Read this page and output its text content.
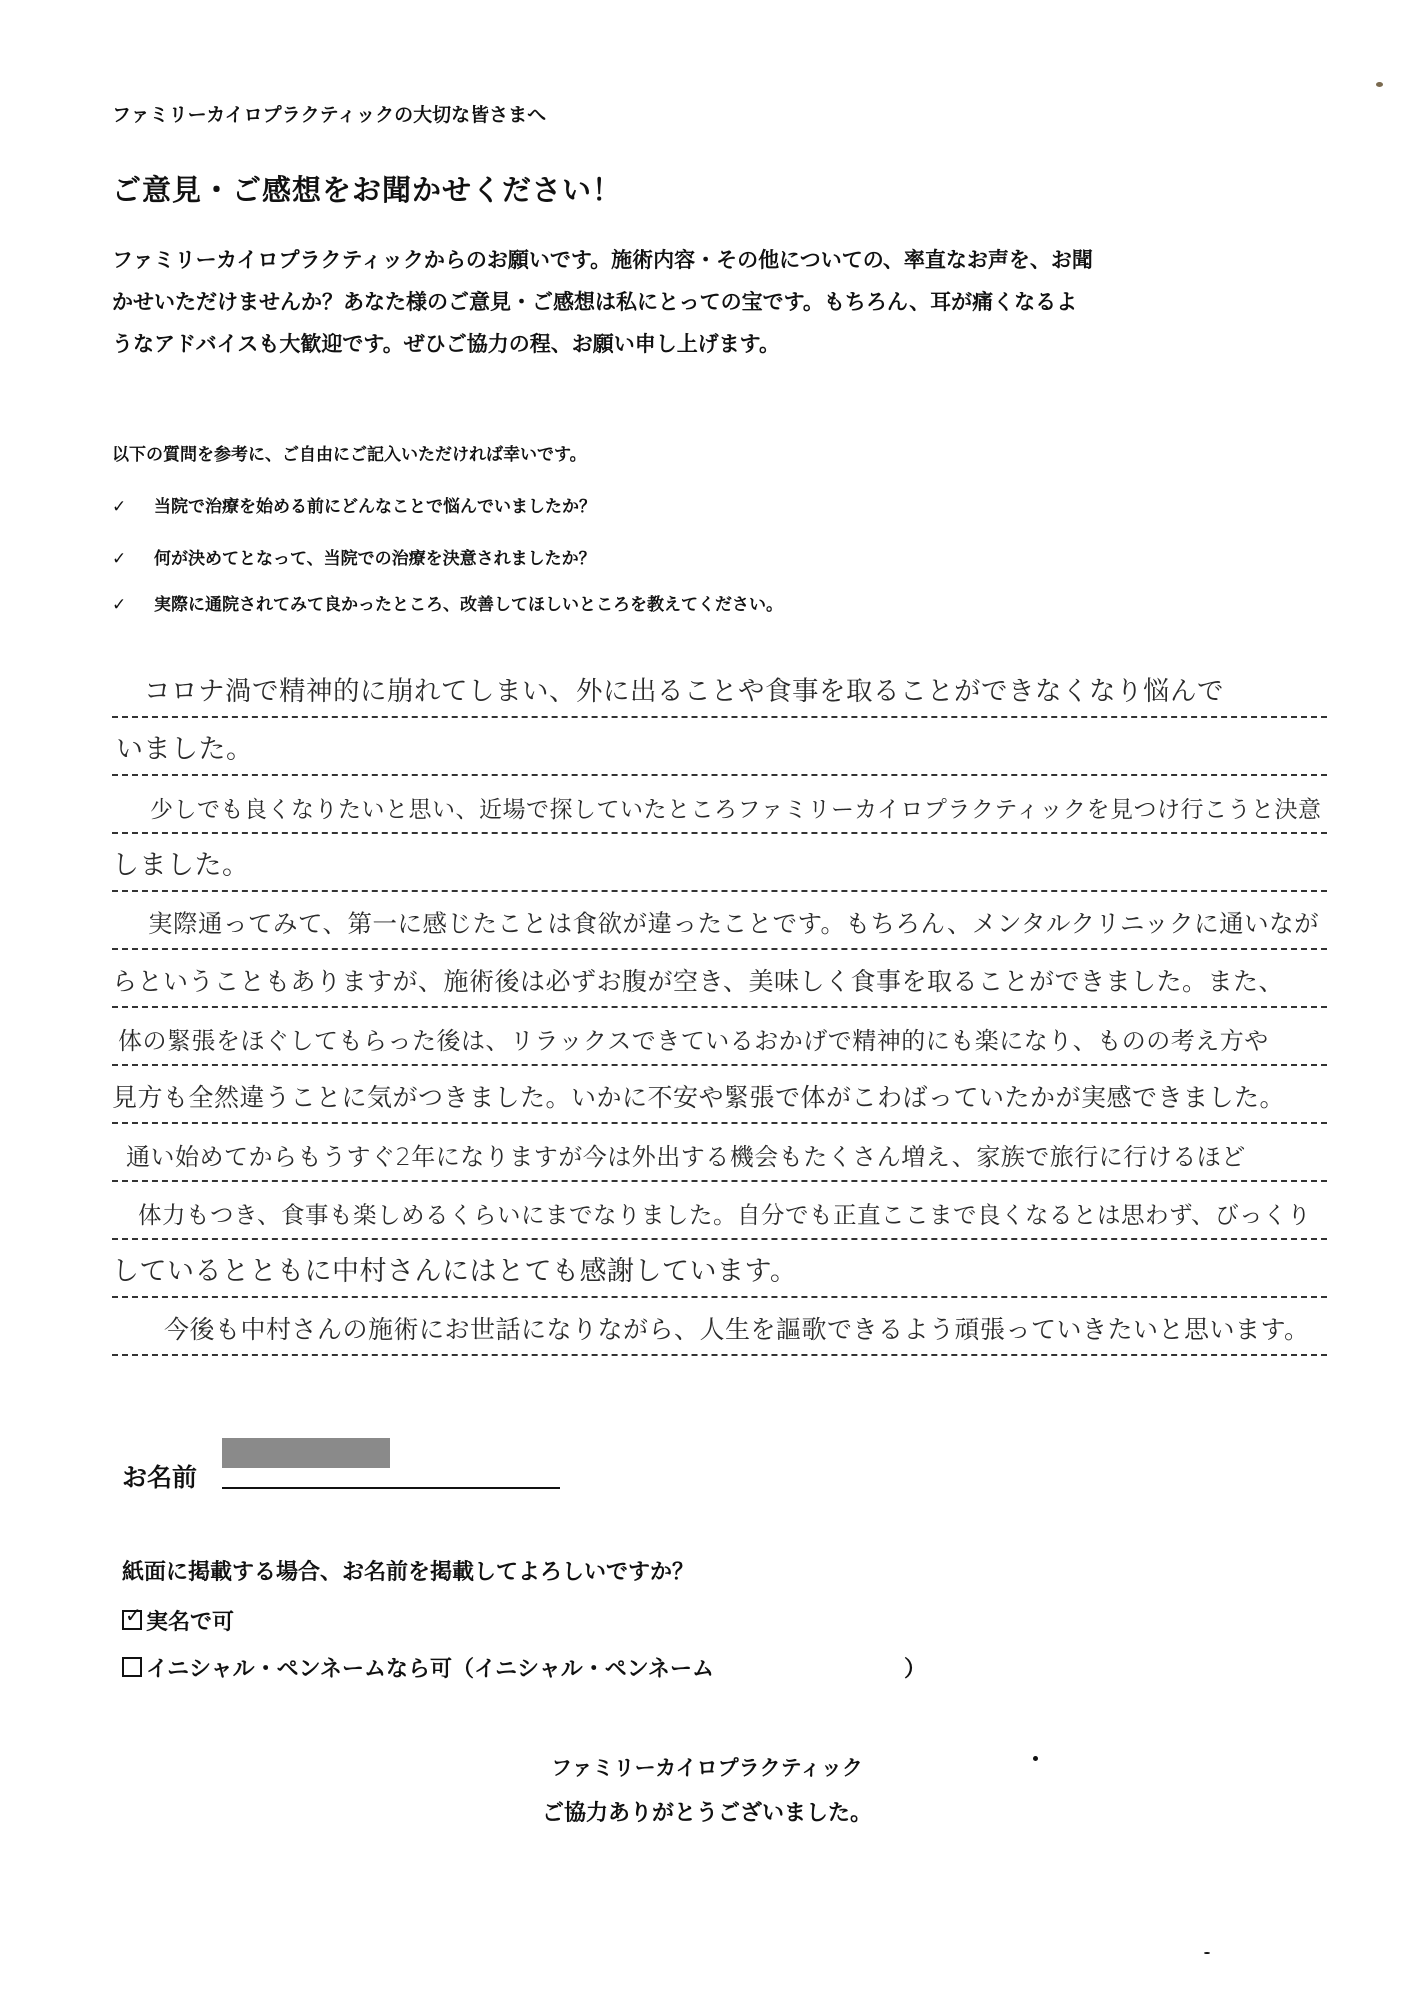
ファミリーカイロプラクティックの大切な皆さまへ
ご意見・ご感想をお聞かせください！
ファミリーカイロプラクティックからのお願いです。施術内容・その他についての、率直なお声を、お聞
かせいただけませんか？あなた様のご意見・ご感想は私にとっての宝です。もちろん、耳が痛くなるよ
うなアドバイスも大歓迎です。ぜひご協力の程、お願い申し上げます。
以下の質問を参考に、ご自由にご記入いただければ幸いです。
✓ 当院で治療を始める前にどんなことで悩んでいましたか？
✓ 何が決めてとなって、当院での治療を決意されましたか？
✓ 実際に通院されてみて良かったところ、改善してほしいところを教えてください。
コロナ渦で精神的に崩れてしまい、外に出ることや食事を取ることができなくなり悩んで
いました。
少しでも良くなりたいと思い、近場で探していたところファミリーカイロプラクティックを見つけ行こうと決意
しました。
実際通ってみて、第一に感じたことは食欲が違ったことです。もちろん、メンタルクリニックに通いなが
らということもありますが、施術後は必ずお腹が空き、美味しく食事を取ることができました。また、
体の緊張をほぐしてもらった後は、リラックスできているおかげで精神的にも楽になり、ものの考え方や
見方も全然違うことに気がつきました。いかに不安や緊張で体がこわばっていたかが実感できました。
通い始めてからもうすぐ2年になりますが今は外出する機会もたくさん増え、家族で旅行に行けるほど
体力もつき、食事も楽しめるくらいにまでなりました。自分でも正直ここまで良くなるとは思わず、びっくり
しているとともに中村さんにはとても感謝しています。
今後も中村さんの施術にお世話になりながら、人生を謳歌できるよう頑張っていきたいと思います。
お名前
紙面に掲載する場合、お名前を掲載してよろしいですか？
✓実名で可
イニシャル・ペンネームなら可（イニシャル・ペンネーム	）
ファミリーカイロプラクティック
ご協力ありがとうございました。
